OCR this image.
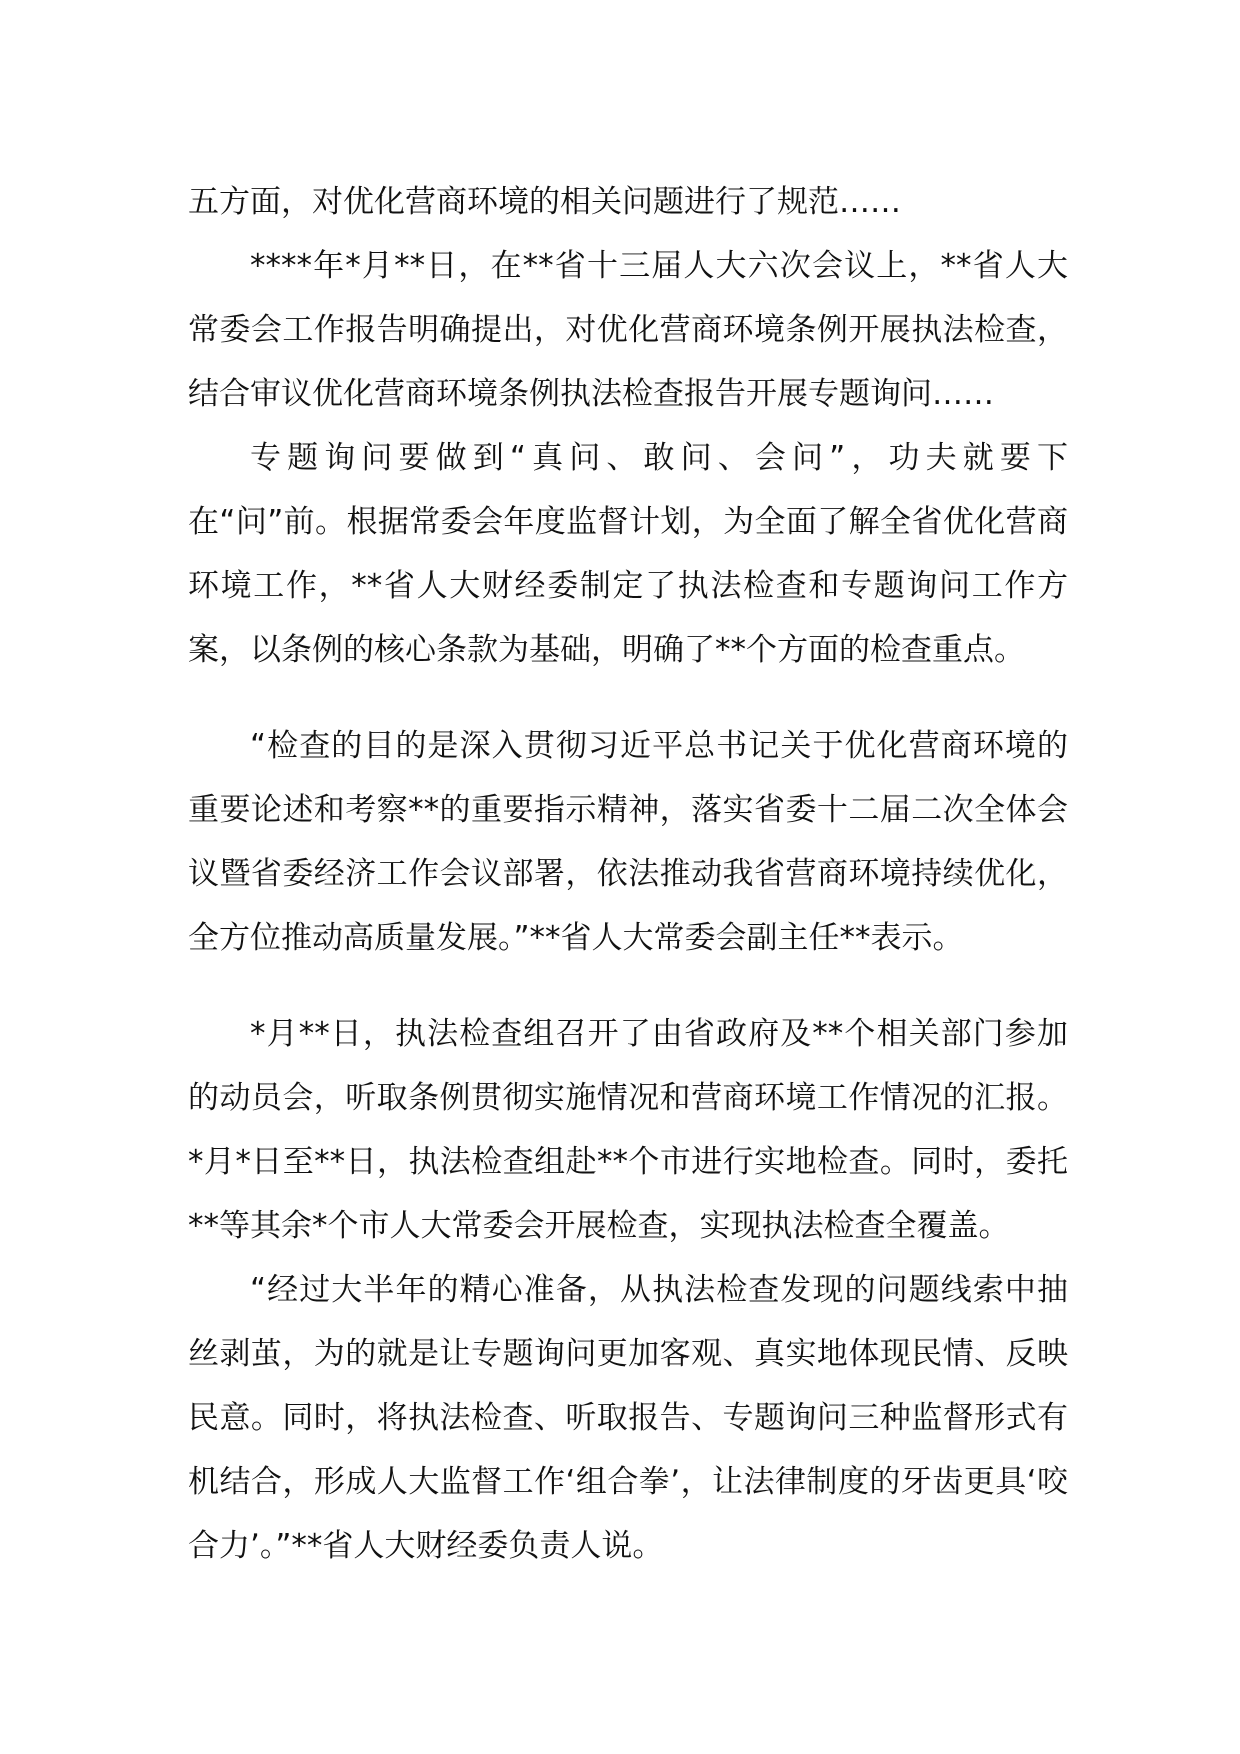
五方面，对优化营商环境的相关问题进行了规范……

****年*月**日，在**省十三届人大六次会议上，**省人大常委会工作报告明确提出，对优化营商环境条例开展执法检查，结合审议优化营商环境条例执法检查报告开展专题询问……

专题询问要做到“真问、敢问、会问”，功夫就要下在“问”前。根据常委会年度监督计划，为全面了解全省优化营商环境工作，**省人大财经委制定了执法检查和专题询问工作方案，以条例的核心条款为基础，明确了**个方面的检查重点。

“检查的目的是深入贯彻习近平总书记关于优化营商环境的重要论述和考察**的重要指示精神，落实省委十二届二次全体会议暨省委经济工作会议部署，依法推动我省营商环境持续优化，全方位推动高质量发展。”**省人大常委会副主任**表示。

*月**日，执法检查组召开了由省政府及**个相关部门参加的动员会，听取条例贯彻实施情况和营商环境工作情况的汇报。*月*日至**日，执法检查组赴**个市进行实地检查。同时，委托**等其余*个市人大常委会开展检查，实现执法检查全覆盖。

“经过大半年的精心准备，从执法检查发现的问题线索中抽丝剥茧，为的就是让专题询问更加客观、真实地体现民情、反映民意。同时，将执法检查、听取报告、专题询问三种监督形式有机结合，形成人大监督工作‘组合拳’，让法律制度的牙齿更具‘咬合力’。”**省人大财经委负责人说。
